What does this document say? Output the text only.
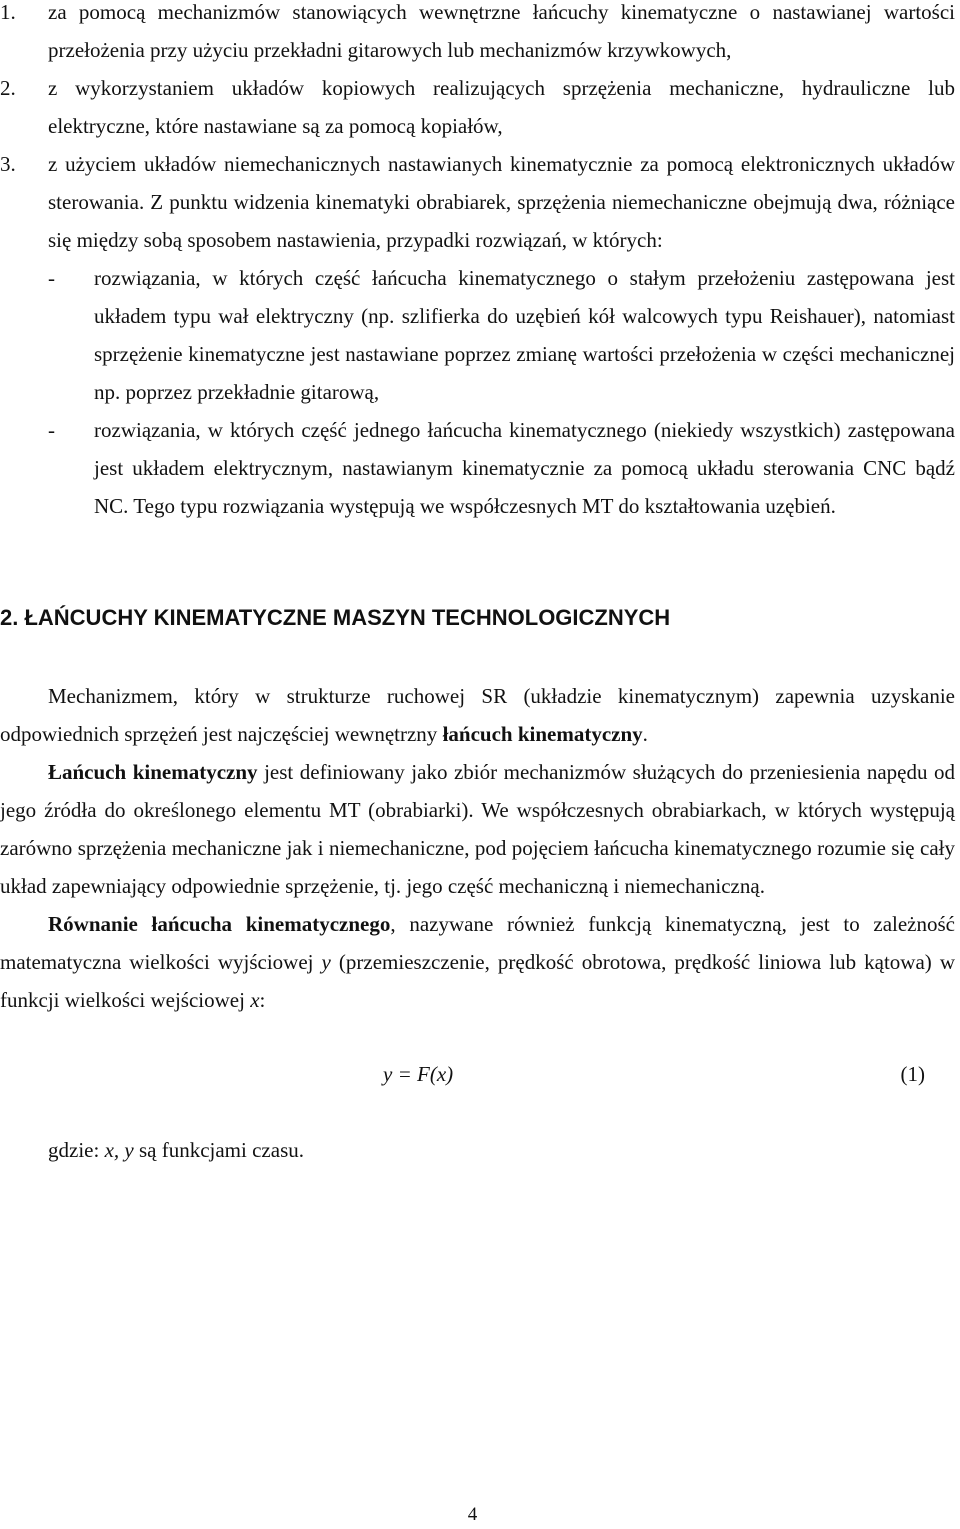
1.	za pomocą mechanizmów stanowiących wewnętrzne łańcuchy kinematyczne o nastawianej wartości przełożenia przy użyciu przekładni gitarowych lub mechanizmów krzywkowych,
2.	z wykorzystaniem układów kopiowych realizujących sprzężenia mechaniczne, hydrauliczne lub elektryczne, które nastawiane są za pomocą kopiałów,
3.	z użyciem układów niemechanicznych nastawianych kinematycznie za pomocą elektronicznych układów sterowania. Z punktu widzenia kinematyki obrabiarek, sprzężenia niemechaniczne obejmują dwa, różniące się między sobą sposobem nastawienia, przypadki rozwiązań, w których:
-	rozwiązania, w których część łańcucha kinematycznego o stałym przełożeniu zastępowana jest układem typu wał elektryczny (np. szlifierka do uzębień kół walcowych typu Reishauer), natomiast sprzężenie kinematyczne jest nastawiane poprzez zmianę wartości przełożenia w części mechanicznej np. poprzez przekładnie gitarową,
-	rozwiązania, w których część jednego łańcucha kinematycznego (niekiedy wszystkich) zastępowana jest układem elektrycznym, nastawianym kinematycznie za pomocą układu sterowania CNC bądź NC. Tego typu rozwiązania występują we współczesnych MT do kształtowania uzębień.
2. ŁAŃCUCHY KINEMATYCZNE MASZYN TECHNOLOGICZNYCH

Mechanizmem, który w strukturze ruchowej SR (układzie kinematycznym) zapewnia uzyskanie odpowiednich sprzężeń jest najczęściej wewnętrzny łańcuch kinematyczny.

Łańcuch kinematyczny jest definiowany jako zbiór mechanizmów służących do przeniesienia napędu od jego źródła do określonego elementu MT (obrabiarki). We współczesnych obrabiarkach, w których występują zarówno sprzężenia mechaniczne jak i niemechaniczne, pod pojęciem łańcucha kinematycznego rozumie się cały układ zapewniający odpowiednie sprzężenie, tj. jego część mechaniczną i niemechaniczną.

Równanie łańcucha kinematycznego, nazywane również funkcją kinematyczną, jest to zależność matematyczna wielkości wyjściowej y (przemieszczenie, prędkość obrotowa, prędkość liniowa lub kątowa) w funkcji wielkości wejściowej x:

y = F(x)	(1)

gdzie: x, y są funkcjami czasu.

4
